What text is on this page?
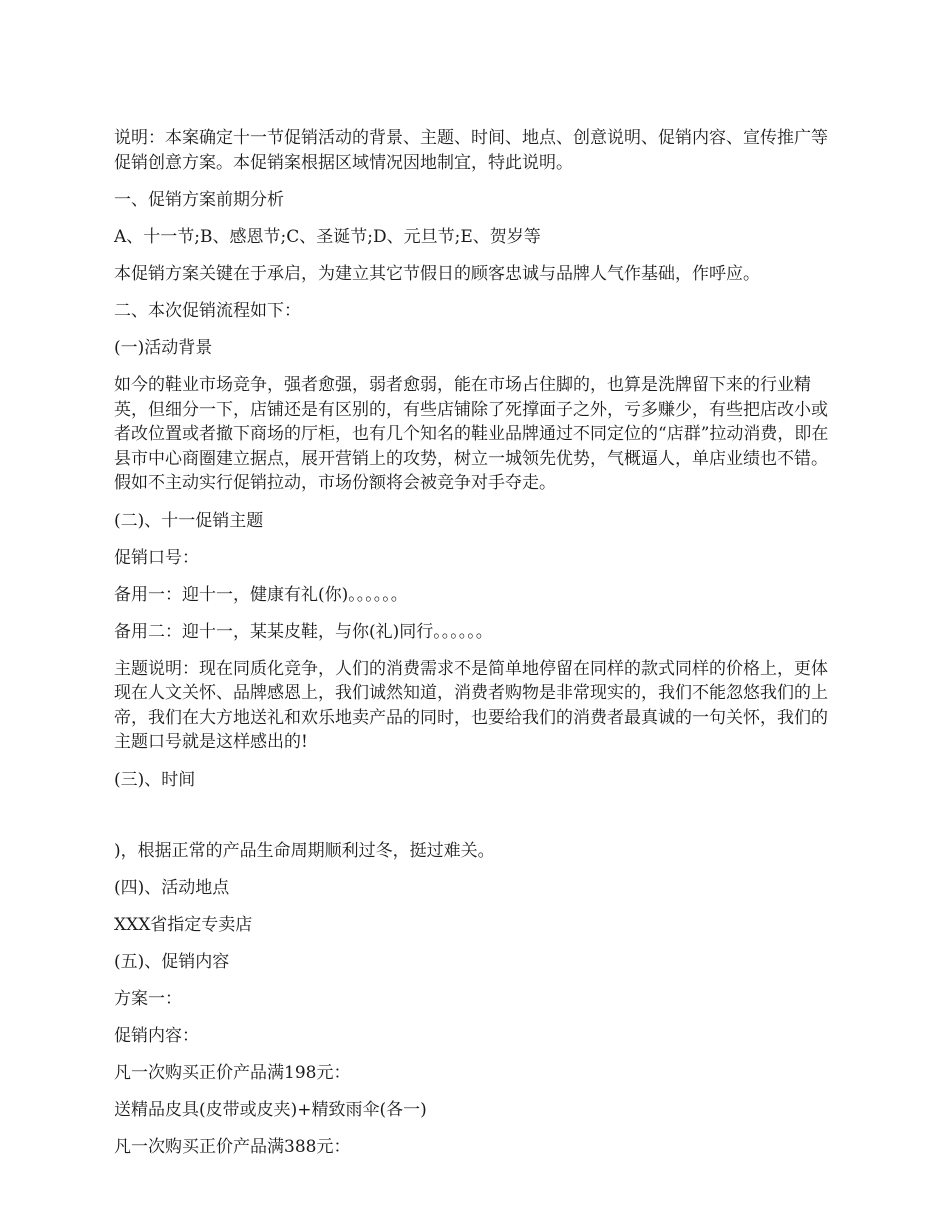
说明：本案确定十一节促销活动的背景、主题、时间、地点、创意说明、促销内容、宣传推广等促销创意方案。本促销案根据区域情况因地制宜，特此说明。

一、促销方案前期分析

A、十一节;B、感恩节;C、圣诞节;D、元旦节;E、贺岁等

本促销方案关键在于承启，为建立其它节假日的顾客忠诚与品牌人气作基础，作呼应。

二、本次促销流程如下：

(一)活动背景

如今的鞋业市场竞争，强者愈强，弱者愈弱，能在市场占住脚的，也算是洗牌留下来的行业精英，但细分一下，店铺还是有区别的，有些店铺除了死撑面子之外，亏多赚少，有些把店改小或者改位置或者撤下商场的厅柜，也有几个知名的鞋业品牌通过不同定位的“店群”拉动消费，即在县市中心商圈建立据点，展开营销上的攻势，树立一城领先优势，气概逼人，单店业绩也不错。假如不主动实行促销拉动，市场份额将会被竞争对手夺走。

(二)、十一促销主题

促销口号：

备用一：迎十一，健康有礼(你)。。。。。。

备用二：迎十一，某某皮鞋，与你(礼)同行。。。。。。

主题说明：现在同质化竞争，人们的消费需求不是简单地停留在同样的款式同样的价格上，更体现在人文关怀、品牌感恩上，我们诚然知道，消费者购物是非常现实的，我们不能忽悠我们的上帝，我们在大方地送礼和欢乐地卖产品的同时，也要给我们的消费者最真诚的一句关怀，我们的主题口号就是这样感出的!

(三)、时间

)，根据正常的产品生命周期顺利过冬，挺过难关。

(四)、活动地点

XXX省指定专卖店

(五)、促销内容

方案一：

促销内容：

凡一次购买正价产品满198元：

送精品皮具(皮带或皮夹)+精致雨伞(各一)

凡一次购买正价产品满388元：
